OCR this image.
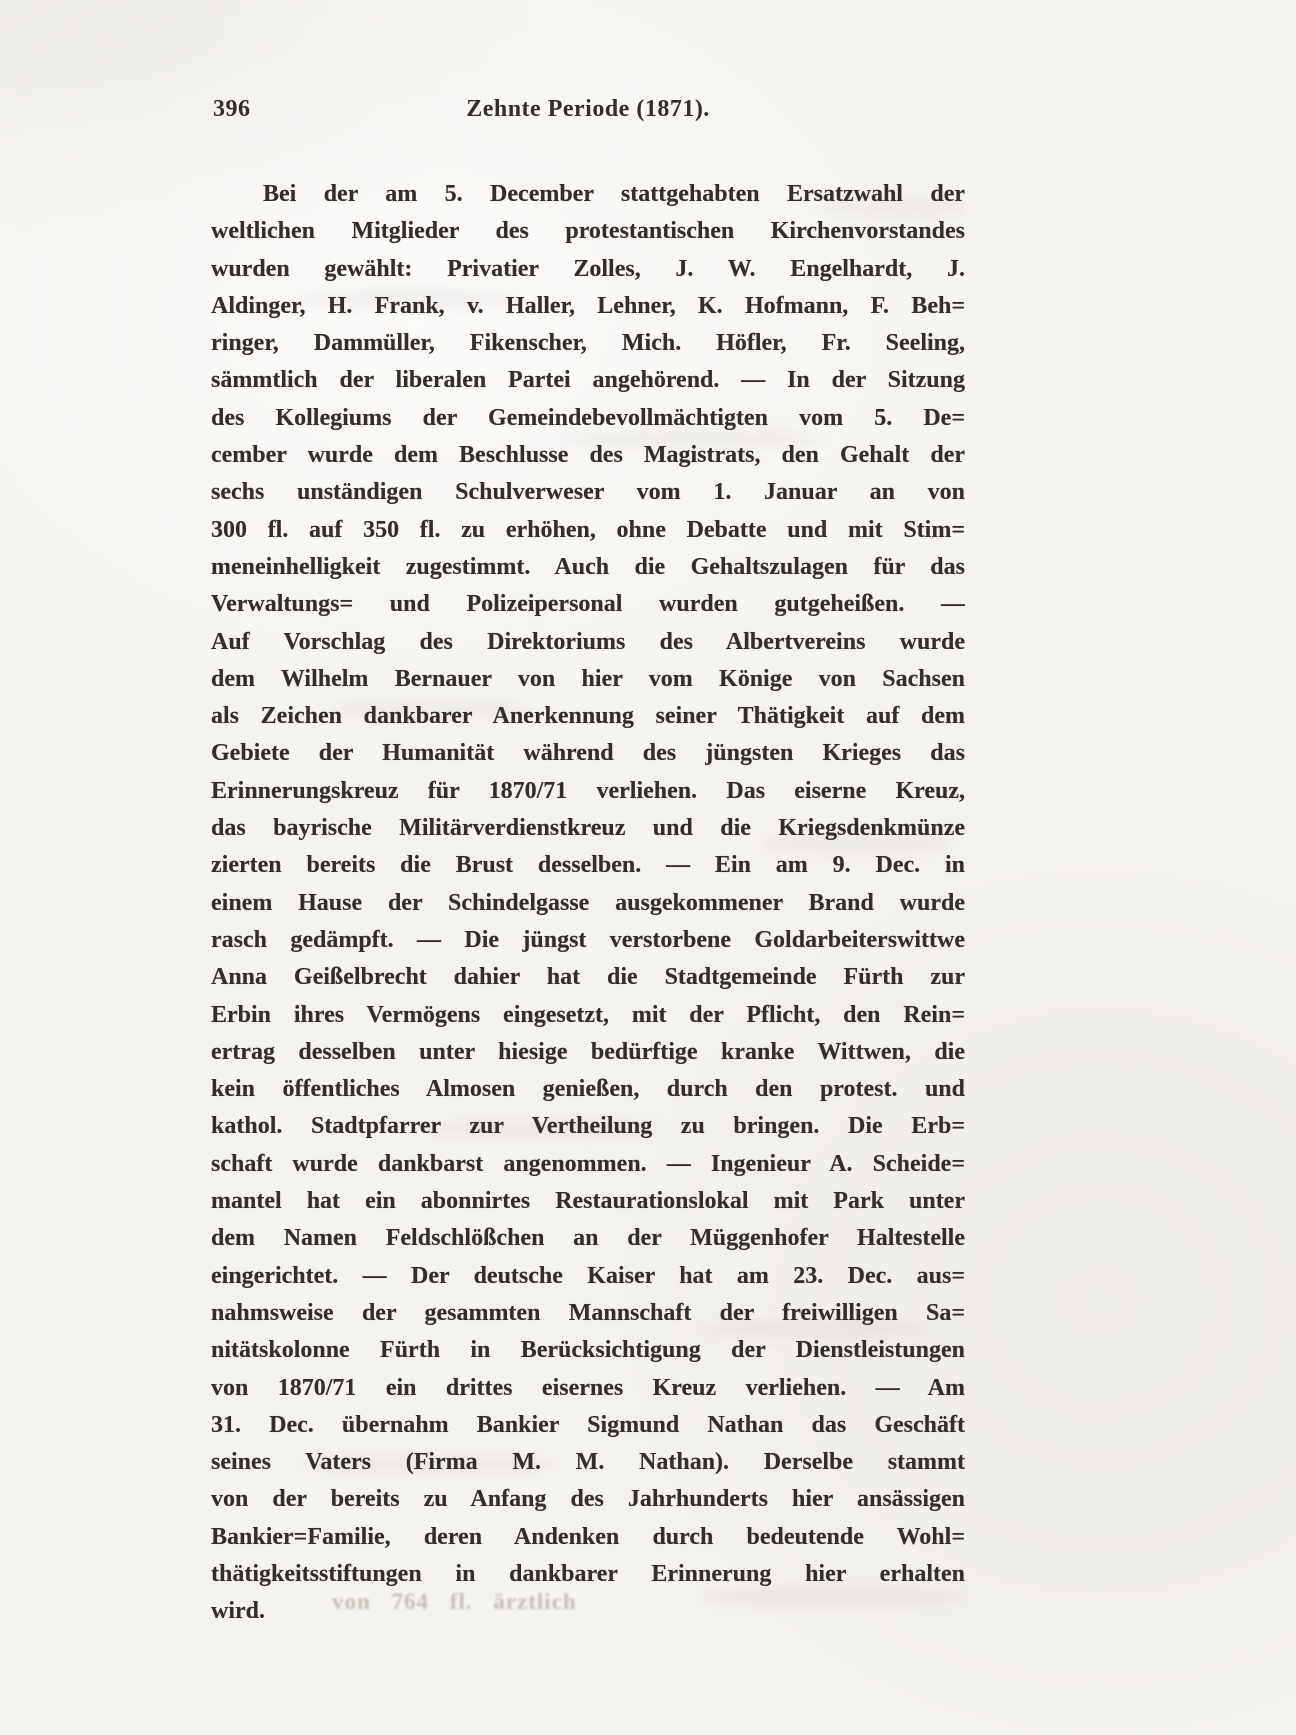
396	Zehnte Periode (1871).
Bei der am 5. December stattgehabten Ersatzwahl der
weltlichen Mitglieder des protestantischen Kirchenvorstandes
wurden gewählt: Privatier Zolles, J. W. Engelhardt, J.
Aldinger, H. Frank, v. Haller, Lehner, K. Hofmann, F. Beh=
ringer, Dammüller, Fikenscher, Mich. Höfler, Fr. Seeling,
sämmtlich der liberalen Partei angehörend. — In der Sitzung
des Kollegiums der Gemeindebevollmächtigten vom 5. De=
cember wurde dem Beschlusse des Magistrats, den Gehalt der
sechs unständigen Schulverweser vom 1. Januar an von
300 fl. auf 350 fl. zu erhöhen, ohne Debatte und mit Stim=
meneinhelligkeit zugestimmt. Auch die Gehaltszulagen für das
Verwaltungs= und Polizeipersonal wurden gutgeheißen. —
Auf Vorschlag des Direktoriums des Albertvereins wurde
dem Wilhelm Bernauer von hier vom Könige von Sachsen
als Zeichen dankbarer Anerkennung seiner Thätigkeit auf dem
Gebiete der Humanität während des jüngsten Krieges das
Erinnerungskreuz für 1870/71 verliehen. Das eiserne Kreuz,
das bayrische Militärverdienstkreuz und die Kriegsdenkmünze
zierten bereits die Brust desselben. — Ein am 9. Dec. in
einem Hause der Schindelgasse ausgekommener Brand wurde
rasch gedämpft. — Die jüngst verstorbene Goldarbeiterswittwe
Anna Geißelbrecht dahier hat die Stadtgemeinde Fürth zur
Erbin ihres Vermögens eingesetzt, mit der Pflicht, den Rein=
ertrag desselben unter hiesige bedürftige kranke Wittwen, die
kein öffentliches Almosen genießen, durch den protest. und
kathol. Stadtpfarrer zur Vertheilung zu bringen. Die Erb=
schaft wurde dankbarst angenommen. — Ingenieur A. Scheide=
mantel hat ein abonnirtes Restaurationslokal mit Park unter
dem Namen Feldschlößchen an der Müggenhofer Haltestelle
eingerichtet. — Der deutsche Kaiser hat am 23. Dec. aus=
nahmsweise der gesammten Mannschaft der freiwilligen Sa=
nitätskolonne Fürth in Berücksichtigung der Dienstleistungen
von 1870/71 ein drittes eisernes Kreuz verliehen. — Am
31. Dec. übernahm Bankier Sigmund Nathan das Geschäft
seines Vaters (Firma M. M. Nathan). Derselbe stammt
von der bereits zu Anfang des Jahrhunderts hier ansässigen
Bankier=Familie, deren Andenken durch bedeutende Wohl=
thätigkeitsstiftungen in dankbarer Erinnerung hier erhalten
wird.	von 764 fl. ärztlich
